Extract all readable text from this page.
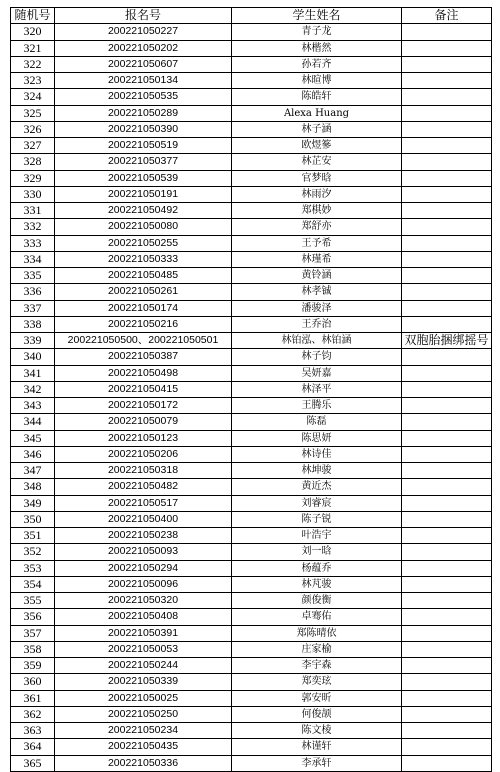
随机号	报名号	学生姓名	备注
320	200221050227	青子龙	
321	200221050202	林楷然	
322	200221050607	孙若齐	
323	200221050134	林暄博	
324	200221050535	陈皓轩	
325	200221050289	Alexa Huang	
326	200221050390	林子涵	
327	200221050519	欧煜篸	
328	200221050377	林芷安	
329	200221050539	官梦晗	
330	200221050191	林雨汐	
331	200221050492	郑棋妙	
332	200221050080	郑舒亦	
333	200221050255	王予希	
334	200221050333	林瑾希	
335	200221050485	黄铃涵	
336	200221050261	林孝铖	
337	200221050174	潘骏泽	
338	200221050216	王乔治	
339	200221050500、200221050501	林铂泓、林铂涵	双胞胎捆绑摇号
340	200221050387	林子钧	
341	200221050498	吴妍嘉	
342	200221050415	林泽平	
343	200221050172	王腾乐	
344	200221050079	陈磊	
345	200221050123	陈思妍	
346	200221050206	林诗佳	
347	200221050318	林坤骏	
348	200221050482	黄近杰	
349	200221050517	刘睿宸	
350	200221050400	陈子锐	
351	200221050238	叶浩宇	
352	200221050093	刘一晗	
353	200221050294	杨蕴乔	
354	200221050096	林芃骏	
355	200221050320	颜俊衡	
356	200221050408	卓骞佑	
357	200221050391	郑陈晴依	
358	200221050053	庄家榆	
359	200221050244	李宇森	
360	200221050339	郑奕玹	
361	200221050025	郭安昕	
362	200221050250	何俊颉	
363	200221050234	陈文棱	
364	200221050435	林谨轩	
365	200221050336	李承轩	
